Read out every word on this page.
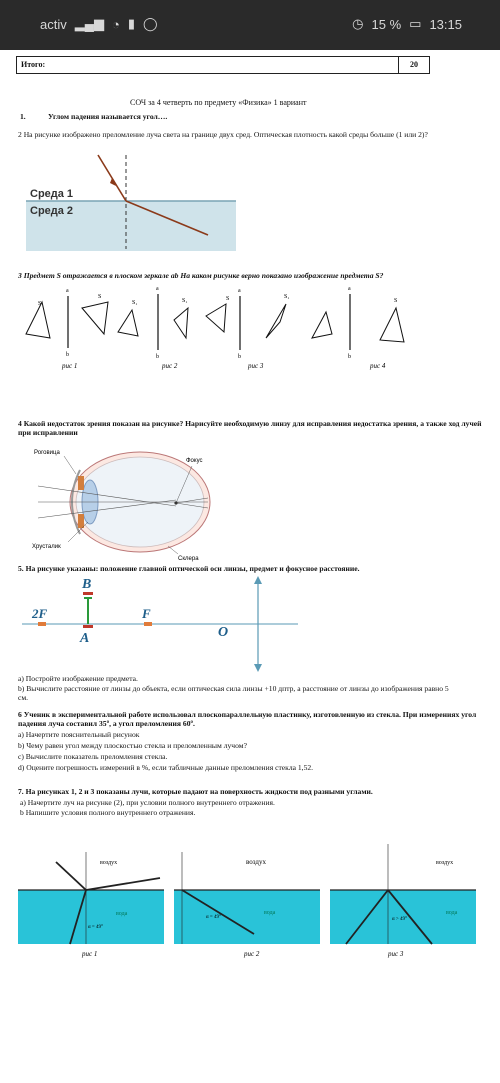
activ ▂▄▆ ◔ ▮ ◯	◷ 15 % ▭ 13:15
Итого:	20
СОЧ за 4 четверть по предмету «Физика» 1 вариант
1.	Углом падения называется угол….
2 На рисунке изображено преломление луча света на границе двух сред. Оптическая плотность какой среды больше (1 или 2)?
Среда 1
Среда 2
3 Предмет S отражается в плоском зеркале ab На каком рисунке верно показано изображение предмета S?
a
b
S
a
b
S
S₁
a
b
S₁	S
a
b
S₁
S
рис 1	рис 2	рис 3	рис 4
4 Какой недостаток зрения показан на рисунке? Нарисуйте необходимую линзу для исправления недостатка зрения, а также ход лучей при исправлении
Фокус
Роговица
Хрусталик
Склера
5. На рисунке указаны: положение главной оптической оси линзы, предмет и фокусное расстояние.
B
A
2F	F
O
а) Постройте изображение предмета.
b) Вычислите расстояние от линзы до объекта, если оптическая сила линзы +10 дптр, а расстояние от линзы до изображения равно 5 см.
6 Ученик в экспериментальной работе использовал плоскопараллельную пластинку, изготовленную из стекла. При измерениях угол падения луча составил 35º, а угол преломления 60º.
a) Начертите пояснительный рисунок
b) Чему равен угол между плоскостью стекла и преломленным лучом?
c) Вычислите показатель преломления стекла.
d) Оцените погрешность измерений в %, если табличные данные преломления стекла 1,52.
7. На рисунках 1, 2 и 3 показаны лучи, которые падают на поверхность жидкости под разными углами.
a) Начертите луч на рисунке (2), при условии полного внутреннего отражения.
b Напишите условия полного внутреннего отражения.
воздух
вода
α = 49°
рис 1
воздух
вода
α = 49°
рис 2
воздух
вода
α > 49°
рис 3
